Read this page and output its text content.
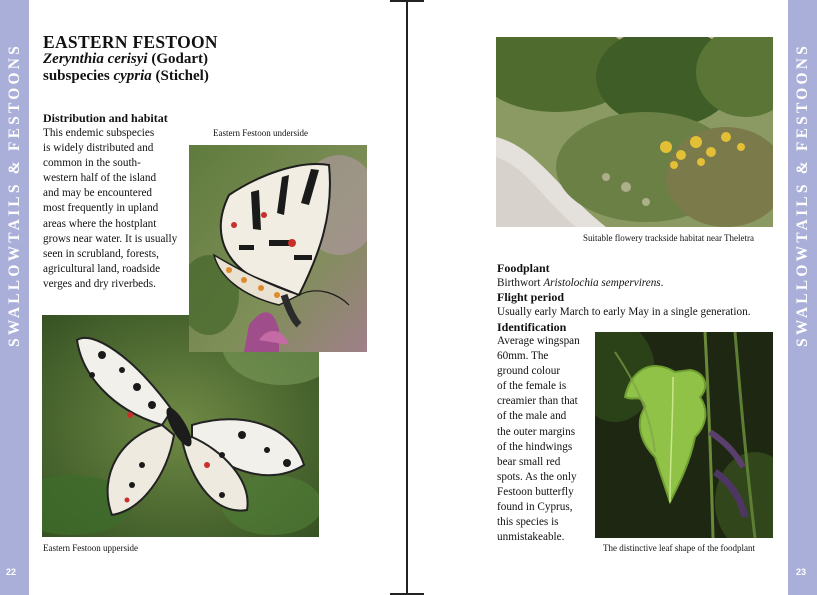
SWALLOWTAILS & FESTOONS
22
SWALLOWTAILS & FESTOONS
23
EASTERN FESTOON
Zerynthia cerisyi (Godart)
subspecies cypria (Stichel)
Distribution and habitat
This endemic subspecies
is widely distributed and
common in the south-
western half of the island
and may be encountered
most frequently in upland
areas where the hostplant
grows near water. It is usually
seen in scrubland, forests,
agricultural land, roadside
verges and dry riverbeds.
Eastern Festoon underside
Eastern Festoon upperside
Suitable flowery trackside habitat near Theletra
Foodplant
Birthwort Aristolochia sempervirens.
Flight period
Usually early March to early May in a single generation.
Identification
Average wingspan
60mm. The
ground colour
of the female is
creamier than that
of the male and
the outer margins
of the hindwings
bear small red
spots. As the only
Festoon butterfly
found in Cyprus,
this species is
unmistakeable.
The distinctive leaf shape of the foodplant
